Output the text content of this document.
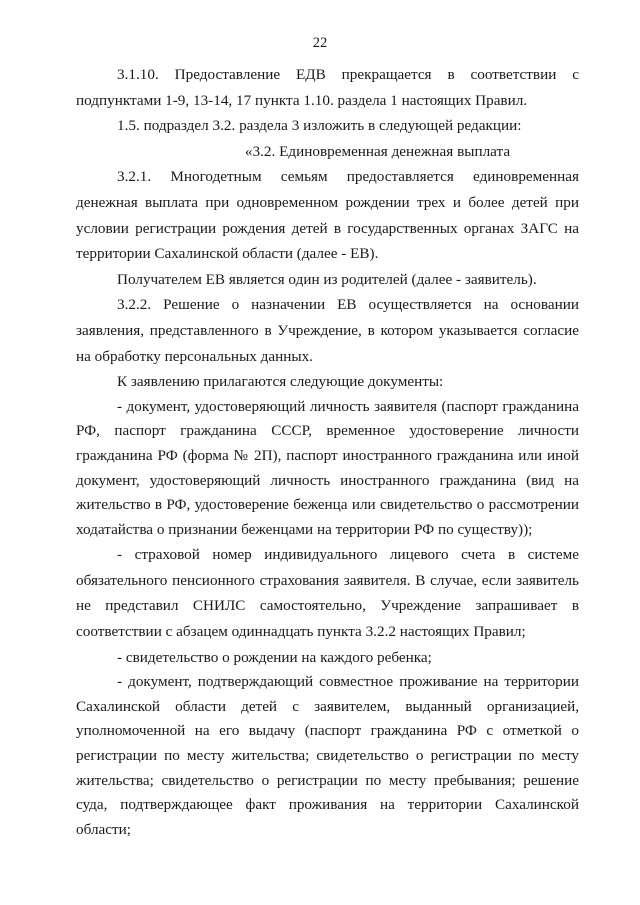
22

3.1.10. Предоставление ЕДВ прекращается в соответствии с подпунктами 1-9, 13-14, 17 пункта 1.10. раздела 1 настоящих Правил.

1.5. подраздел 3.2. раздела 3 изложить в следующей редакции:

«3.2. Единовременная денежная выплата

3.2.1. Многодетным семьям предоставляется единовременная денежная выплата при одновременном рождении трех и более детей при условии регистрации рождения детей в государственных органах ЗАГС на территории Сахалинской области (далее - ЕВ).

Получателем ЕВ является один из родителей (далее - заявитель).

3.2.2. Решение о назначении ЕВ осуществляется на основании заявления, представленного в Учреждение, в котором указывается согласие на обработку персональных данных.

К заявлению прилагаются следующие документы:

- документ, удостоверяющий личность заявителя (паспорт гражданина РФ, паспорт гражданина СССР, временное удостоверение личности гражданина РФ (форма № 2П), паспорт иностранного гражданина или иной документ, удостоверяющий личность иностранного гражданина (вид на жительство в РФ, удостоверение беженца или свидетельство о рассмотрении ходатайства о признании беженцами на территории РФ по существу));

- страховой номер индивидуального лицевого счета в системе обязательного пенсионного страхования заявителя. В случае, если заявитель не представил СНИЛС самостоятельно, Учреждение запрашивает в соответствии с абзацем одиннадцать пункта 3.2.2 настоящих Правил;

- свидетельство о рождении на каждого ребенка;

- документ, подтверждающий совместное проживание на территории Сахалинской области детей с заявителем, выданный организацией, уполномоченной на его выдачу (паспорт гражданина РФ с отметкой о регистрации по месту жительства; свидетельство о регистрации по месту жительства; свидетельство о регистрации по месту пребывания; решение суда, подтверждающее факт проживания на территории Сахалинской области;
